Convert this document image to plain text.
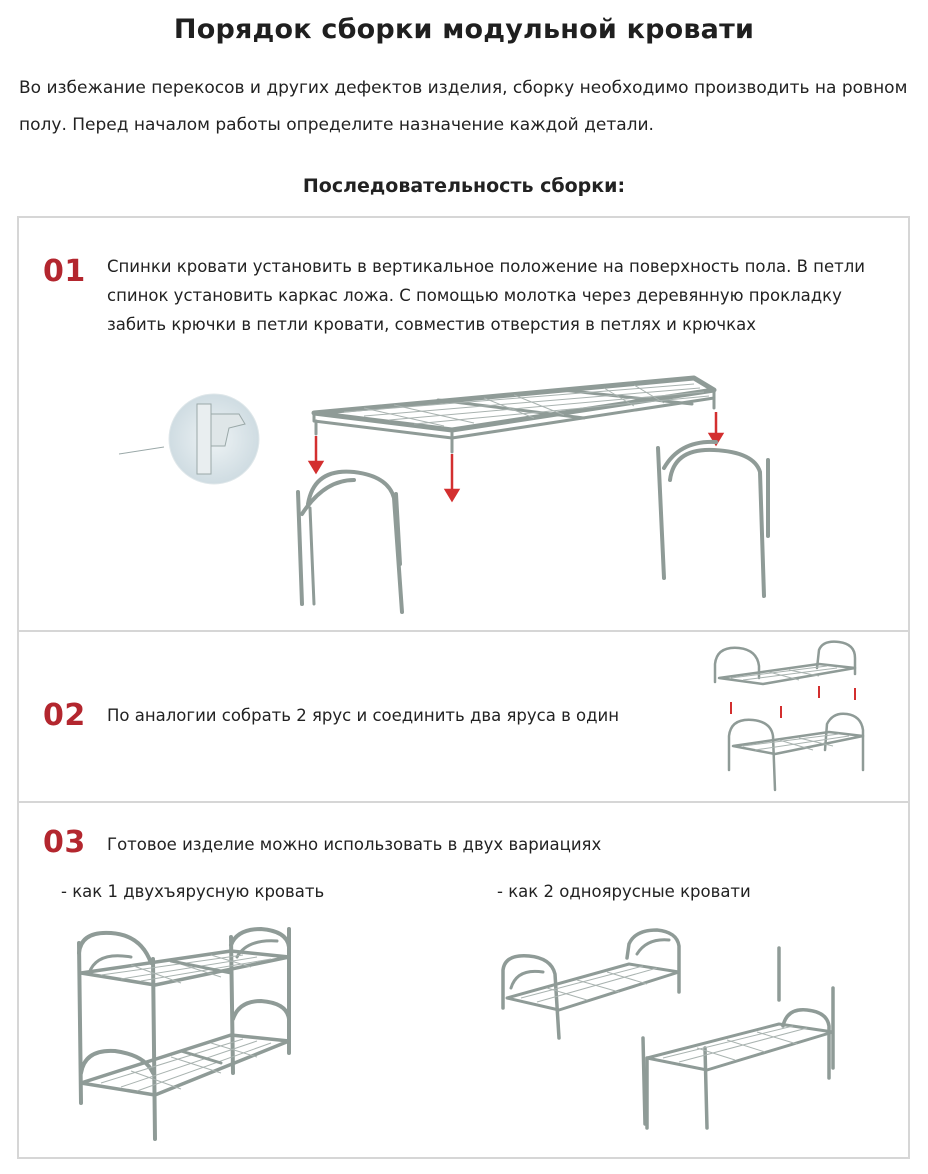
Порядок сборки модульной кровати
Во избежание перекосов и других дефектов изделия, сборку необходимо производить на ровном полу. Перед началом работы определите назначение каждой детали.
Последовательность сборки:
01 Спинки кровати установить в вертикальное положение на поверхность пола. В петли спинок установить каркас ложа. С помощью молотка через деревянную прокладку забить крючки в петли кровати, совместив отверстия в петлях и крючках
02 По аналогии собрать 2 ярус и соединить два яруса в один
03 Готовое изделие можно использовать в двух вариациях
- как 1 двухъярусную кровать	- как 2 одноярусные кровати
